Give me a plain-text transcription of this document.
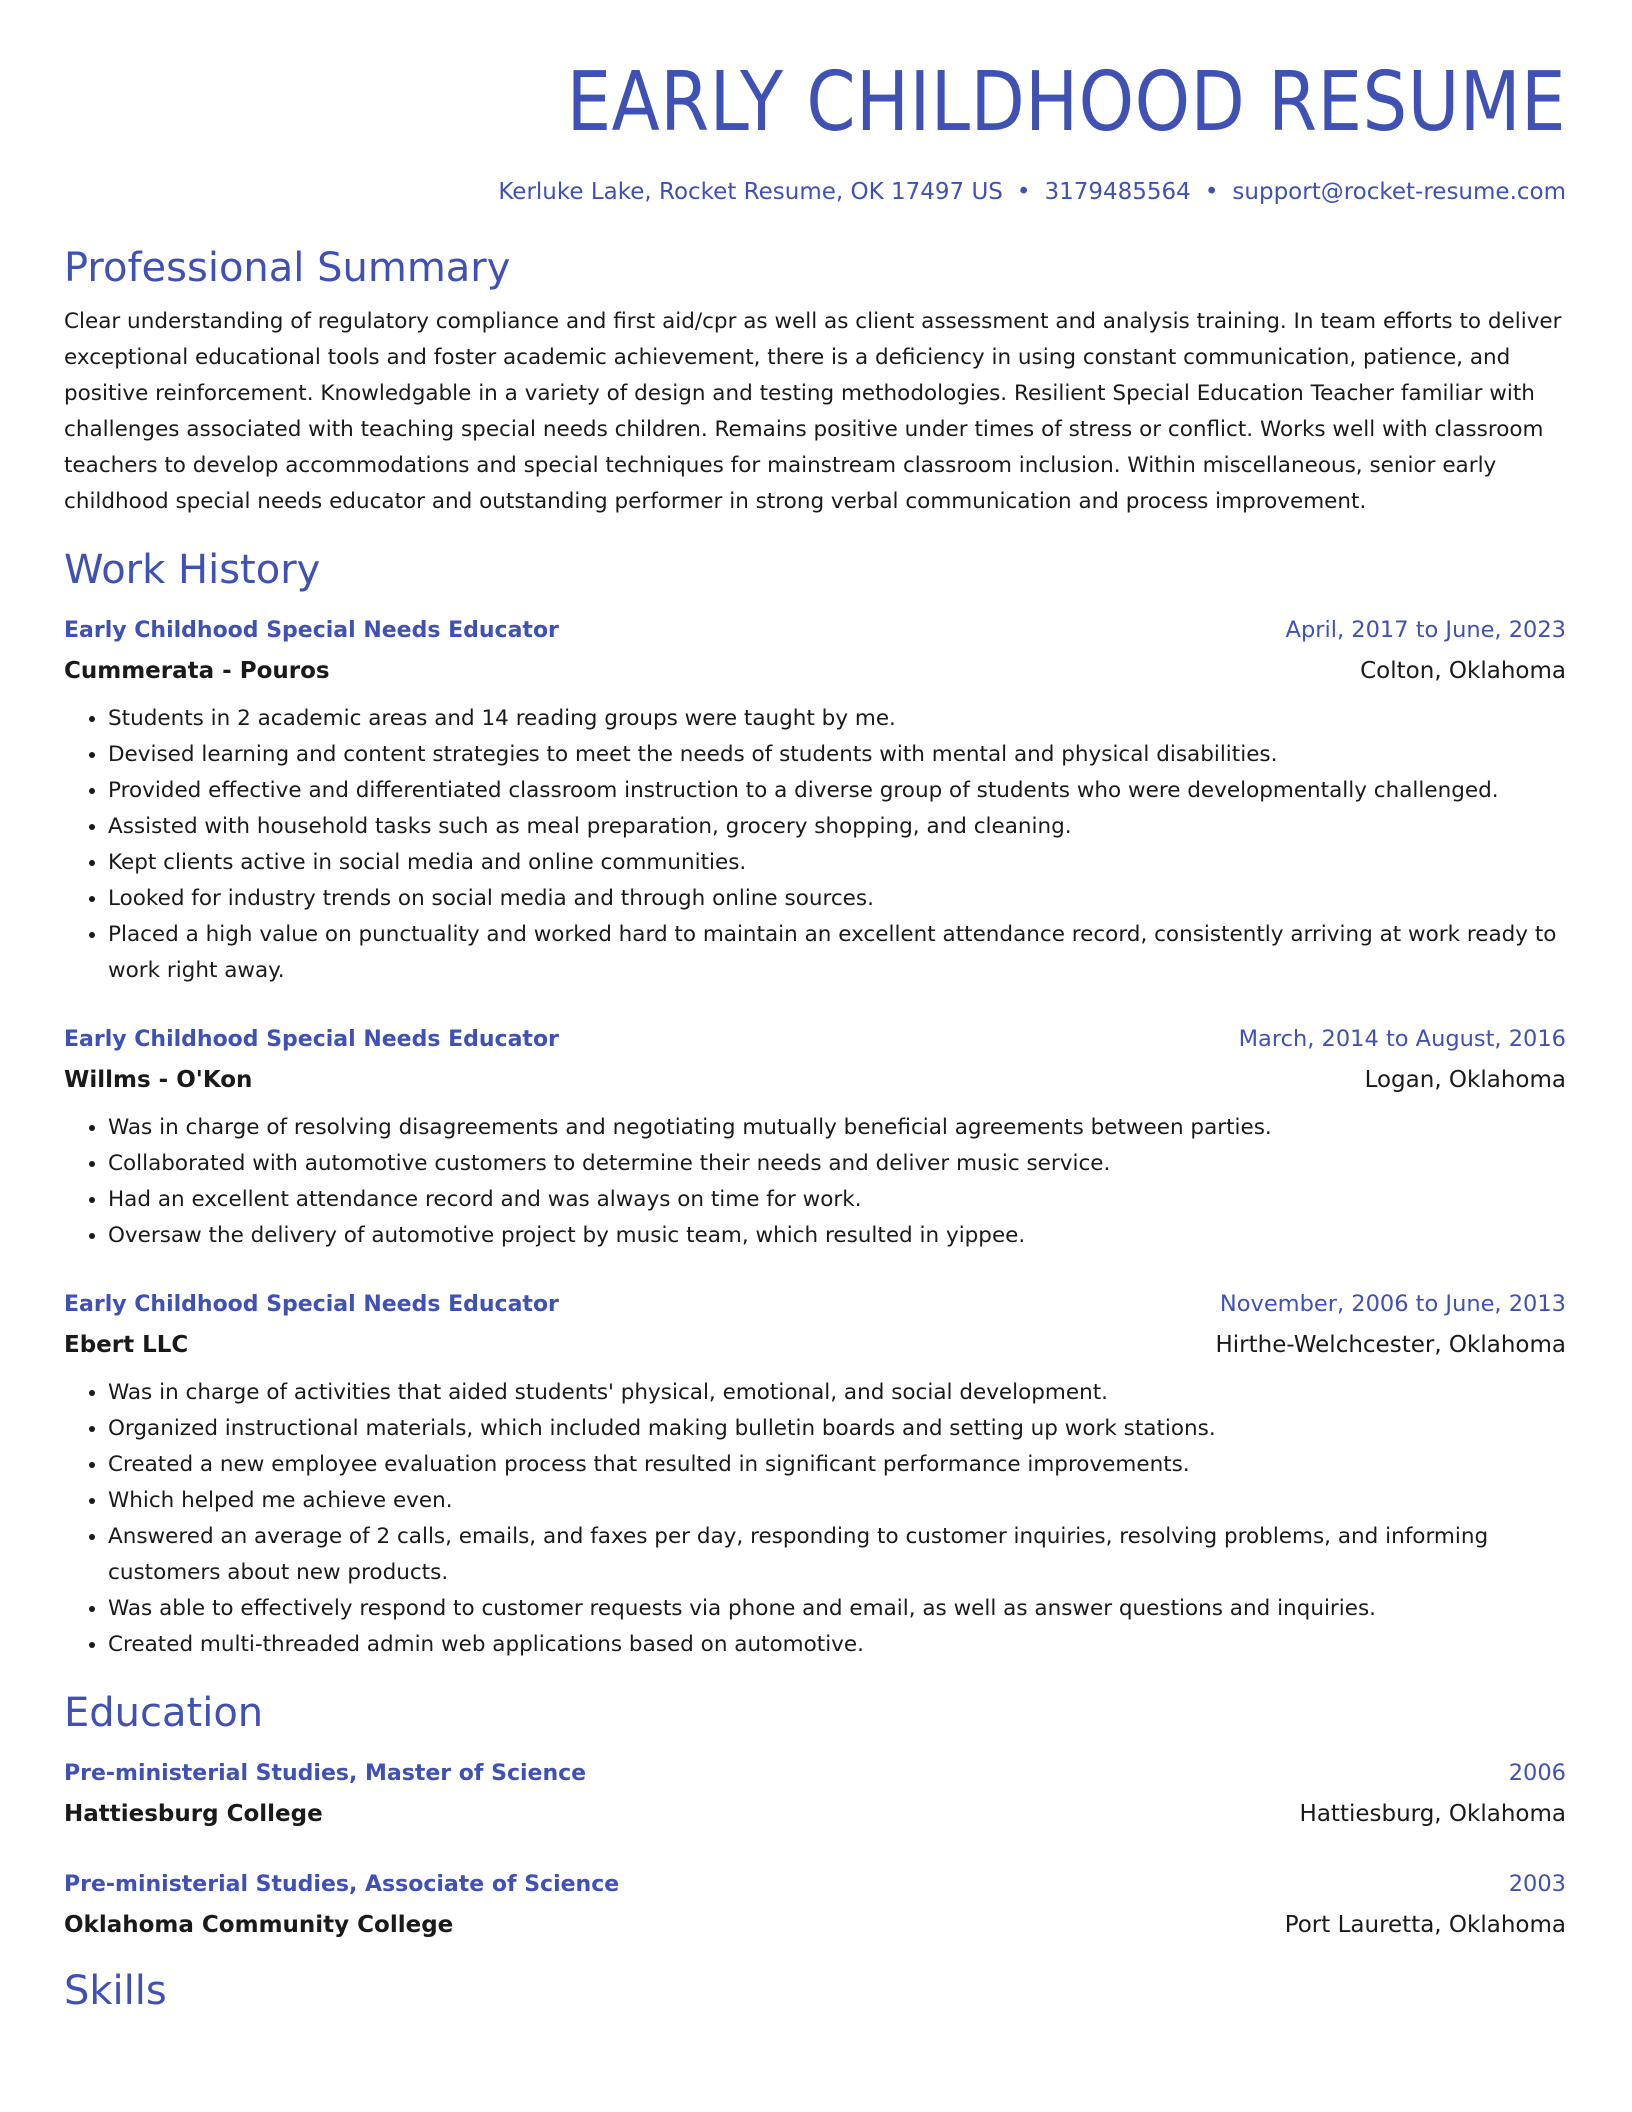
EARLY CHILDHOOD RESUME
Kerluke Lake, Rocket Resume, OK 17497 US • 3179485564 • support@rocket-resume.com
Professional Summary
Clear understanding of regulatory compliance and first aid/cpr as well as client assessment and analysis training. In team efforts to deliver exceptional educational tools and foster academic achievement, there is a deficiency in using constant communication, patience, and positive reinforcement. Knowledgable in a variety of design and testing methodologies. Resilient Special Education Teacher familiar with challenges associated with teaching special needs children. Remains positive under times of stress or conflict. Works well with classroom teachers to develop accommodations and special techniques for mainstream classroom inclusion. Within miscellaneous, senior early childhood special needs educator and outstanding performer in strong verbal communication and process improvement.
Work History
Early Childhood Special Needs Educator	April, 2017 to June, 2023
Cummerata - Pouros	Colton, Oklahoma
• Students in 2 academic areas and 14 reading groups were taught by me.
• Devised learning and content strategies to meet the needs of students with mental and physical disabilities.
• Provided effective and differentiated classroom instruction to a diverse group of students who were developmentally challenged.
• Assisted with household tasks such as meal preparation, grocery shopping, and cleaning.
• Kept clients active in social media and online communities.
• Looked for industry trends on social media and through online sources.
• Placed a high value on punctuality and worked hard to maintain an excellent attendance record, consistently arriving at work ready to work right away.
Early Childhood Special Needs Educator	March, 2014 to August, 2016
Willms - O'Kon	Logan, Oklahoma
• Was in charge of resolving disagreements and negotiating mutually beneficial agreements between parties.
• Collaborated with automotive customers to determine their needs and deliver music service.
• Had an excellent attendance record and was always on time for work.
• Oversaw the delivery of automotive project by music team, which resulted in yippee.
Early Childhood Special Needs Educator	November, 2006 to June, 2013
Ebert LLC	Hirthe-Welchcester, Oklahoma
• Was in charge of activities that aided students' physical, emotional, and social development.
• Organized instructional materials, which included making bulletin boards and setting up work stations.
• Created a new employee evaluation process that resulted in significant performance improvements.
• Which helped me achieve even.
• Answered an average of 2 calls, emails, and faxes per day, responding to customer inquiries, resolving problems, and informing customers about new products.
• Was able to effectively respond to customer requests via phone and email, as well as answer questions and inquiries.
• Created multi-threaded admin web applications based on automotive.
Education
Pre-ministerial Studies, Master of Science	2006
Hattiesburg College	Hattiesburg, Oklahoma
Pre-ministerial Studies, Associate of Science	2003
Oklahoma Community College	Port Lauretta, Oklahoma
Skills
